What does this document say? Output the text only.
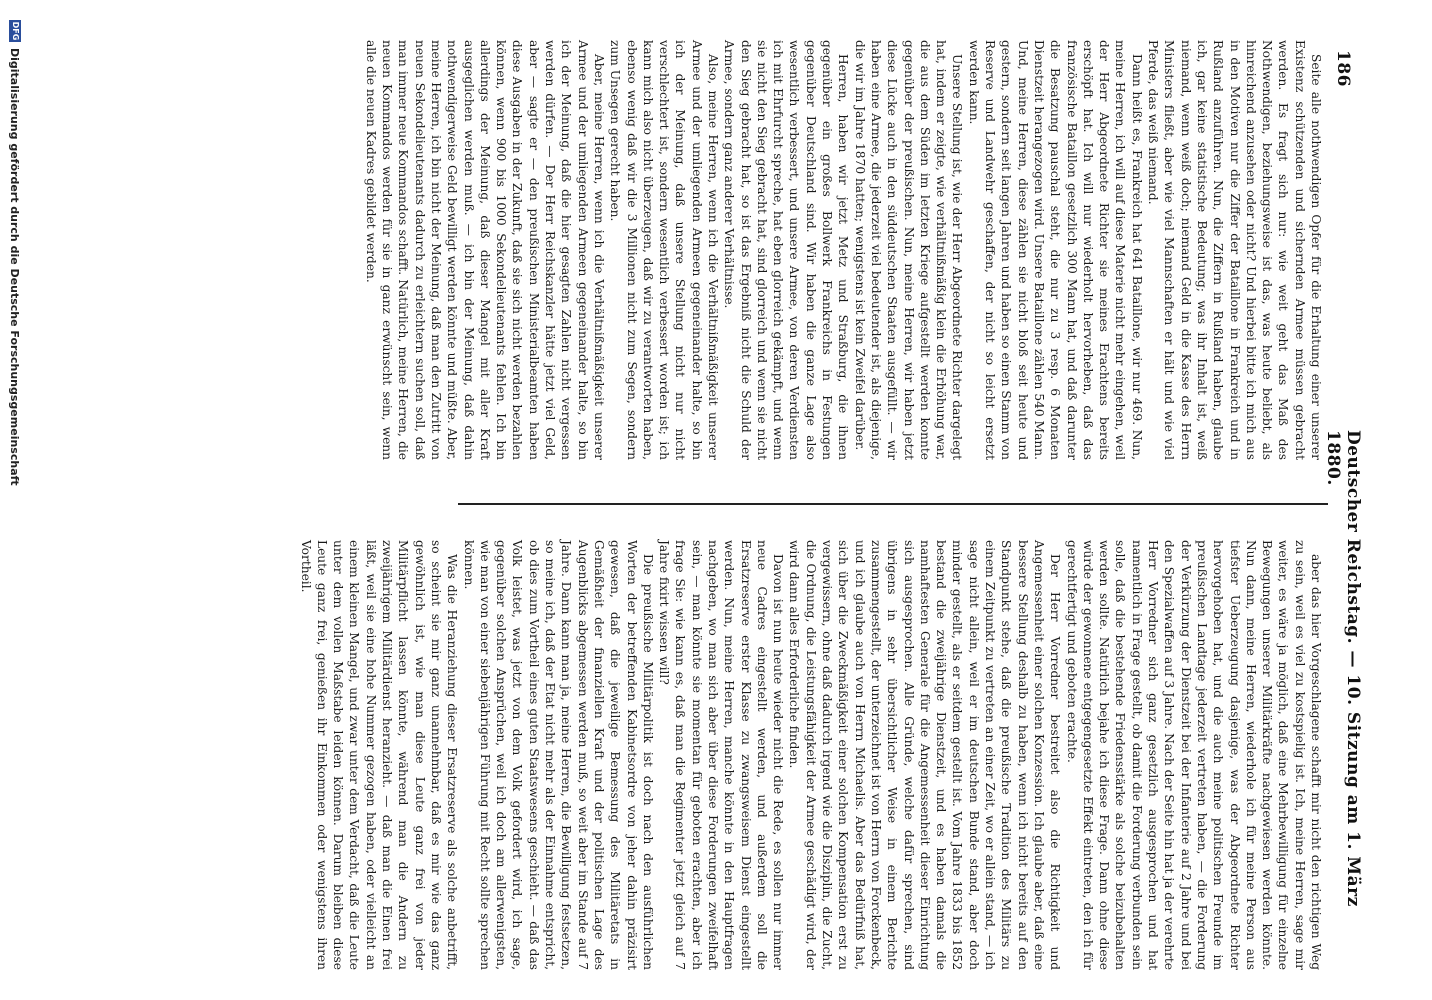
186
Deutscher Reichstag. — 10. Sitzung am 1. März 1880.

Seite alle nothwendigen Opfer für die Erhaltung einer unserer Existenz schützenden und sichernden Armee müssen gebracht werden. Es fragt sich nur: wie weit geht das Maß des Nothwendigen, beziehungsweise ist das, was heute beliebt, als hinreichend anzusehen oder nicht? Und hierbei bitte ich mich aus in den Motiven nur die Ziffer der Bataillone in Frankreich und in Rußland anzuführen. Nun, die Ziffern in Rußland haben, glaube ich, gar keine statistische Bedeutung; was ihr Inhalt ist, weiß niemand, wenn weiß doch; niemand Geld in die Kasse des Herrn Ministers fließt, aber wie viel Mannschaften er hält und wie viel Pferde, das weiß niemand.

Dann heißt es, Frankreich hat 641 Bataillone, wir nur 469. Nun, meine Herren, ich will auf diese Materie nicht mehr eingehen, weil der Herr Abgeordnete Richter sie meines Erachtens bereits erschöpft hat. Ich will nur wiederholt hervorheben, daß das französische Bataillon gesetzlich 300 Mann hat, und daß darunter die Besatzung pauschal steht, die nur zu 3 resp. 6 Monaten Dienstzeit herangezogen wird. Unsere Bataillone zählen 540 Mann. Und, meine Herren, diese zählen sie nicht bloß seit heute und gestern, sondern seit langen Jahren und haben so einen Stamm von Reserve und Landwehr geschaffen, der nicht so leicht ersetzt werden kann.

Unsere Stellung ist, wie der Herr Abgeordnete Richter dargelegt hat, indem er zeigte, wie verhältnißmäßig klein die Erhöhung war, die aus dem Süden im letzten Kriege aufgestellt werden konnte gegenüber der preußischen. Nun, meine Herren, wir haben jetzt diese Lücke auch in den süddeutschen Staaten ausgefüllt. — wir haben eine Armee, die jederzeit viel bedeutender ist, als diejenige, die wir im Jahre 1870 hatten; wenigstens ist kein Zweifel darüber.

Herren, haben wir jetzt Metz und Straßburg, die ihnen gegenüber ein großes Bollwerk Frankreichs in Festungen gegenüber Deutschland sind. Wir haben die ganze Lage also wesentlich verbessert, und unsere Armee, von deren Verdiensten ich mit Ehrfurcht spreche, hat eben glorreich gekämpft, und wenn sie nicht den Sieg gebracht hat, sind glorreich und wenn sie nicht den Sieg gebracht hat, so ist das Ergebniß nicht die Schuld der Armee, sondern ganz anderer Verhältnisse.

Also, meine Herren, wenn ich die Verhältnißmäßigkeit unserer Armee und der umliegenden Armeen gegeneinander halte, so bin ich der Meinung, daß unsere Stellung nicht nur nicht verschlechtert ist, sondern wesentlich verbessert worden ist; ich kann mich also nicht überzeugen, daß wir zu verantworten haben, ebenso wenig daß wir die 3 Millionen nicht zum Segen, sondern zum Unsegen gerecht haben.

Aber, meine Herren, wenn ich die Verhältnißmäßigkeit unserer Armee und der umliegenden Armeen gegeneinander halte, so bin ich der Meinung, daß die hier gesagten Zahlen nicht vergessen werden dürfen. — Der Herr Reichskanzler hätte jetzt viel Geld, aber — sagte er — den preußischen Ministerialbeamten haben diese Ausgaben in der Zukunft, daß sie sich nicht werden bezahlen können, wenn 900 bis 1000 Sekondelieutenants fehlen. Ich bin allerdings der Meinung, daß dieser Mangel mit aller Kraft ausgeglichen werden muß. — ich bin der Meinung, daß dahin nothwendigerweise Geld bewilligt werden könnte und müßte. Aber, meine Herren, ich bin nicht der Meinung, daß man den Zutritt von neuen Sekondelieutenants dadurch zu erleichtern suchen soll, daß man immer neue Kommandos schafft. Natürlich, meine Herren, die neuen Kommandos werden für sie in ganz erwünscht sein, wenn alle die neuen Kadres gebildet werden.

aber das hier Vorgeschlagene schafft mir nicht den richtigen Weg zu sein, weil es viel zu kostspielig ist. Ich, meine Herren, sage mir weiter, es wäre ja möglich, daß eine Mehrbewilligung für einzelne Bewegungen unserer Militärkräfte nachgewiesen werden könnte. Nun dann, meine Herren, wiederhole ich für meine Person aus tiefster Ueberzeugung dasjenige, was der Abgeordnete Richter hervorgehoben hat, und die auch meine politischen Freunde im preußischen Landtage jederzeit vertreten haben, — die Forderung der Verkürzung der Dienstzeit bei der Infanterie auf 2 Jahre und bei den Spezialwaffen auf 3 Jahre. Nach der Seite hin hat ja der verehrte Herr Vorredner sich ganz gesetzlich ausgesprochen und hat namentlich in Frage gestellt, ob damit die Forderung verbunden sein solle, daß die bestehende Friedensstärke als solche beizubehalten werden sollte. Natürlich bejahe ich diese Frage. Dann ohne diese würde der gewonnene entgegengesetzte Effekt eintreten, den ich für gerechtfertigt und geboten erachte.

Der Herr Vorredner bestreitet also die Richtigkeit und Angemessenheit einer solchen Konzession. Ich glaube aber, daß eine bessere Stellung deshalb zu haben, wenn ich nicht bereits auf den Standpunkt stehe, daß die preußische Tradition des Militärs zu einem Zeitpunkt zu vertreten an einer Zeit, wo er allein stand, — ich sage nicht allein, weil er im deutschen Bunde stand, aber doch minder gestellt, als er seitdem gestellt ist. Vom Jahre 1833 bis 1852 bestand die zweijährige Dienstzeit, und es haben damals die namhaftesten Generale für die Angemessenheit dieser Einrichtung sich ausgesprochen. Alle Gründe, welche dafür sprechen, sind übrigens in sehr übersichtlicher Weise in einem Berichte zusammengestellt, der unterzeichnet ist von Herrn von Forckenbeck, und ich glaube auch von Herrn Michaelis. Aber das Bedürfniß hat, sich über die Zweckmäßigkeit einer solchen Kompensation erst zu vergewissern, ohne daß dadurch irgend wie die Disziplin, die Zucht, die Ordnung, die Leistungsfähigkeit der Armee geschädigt wird, der wird dann alles Erforderliche finden.

Davon ist nun heute wieder nicht die Rede, es sollen nur immer neue Cadres eingestellt werden, und außerdem soll die Ersatzreserve erster Klasse zu zwangsweisem Dienst eingestellt werden. Nun, meine Herren, manche könnte in den Hauptfragen nachgeben, wo man sich aber über diese Forderungen zweifelhaft sein, — man könnte sie momentan für geboten erachten, aber ich frage Sie: wie kann es, daß man die Regimenter jetzt gleich auf 7 Jahre fixirt wissen will?

Die preußische Militärpolitik ist doch nach den ausführlichen Worten der betreffenden Kabinetsordre von jeher dahin präzisirt gewesen, daß die jeweilige Bemessung des Militäretats in Gemäßheit der finanziellen Kraft und der politischen Lage des Augenblicks abgemessen werden muß, so weit aber im Stande auf 7 Jahre. Dann kann man ja, meine Herren, die Bewilligung festsetzen, so meine ich, daß der Etat nicht mehr als der Einnahme entspricht, ob dies zum Vortheil eines guten Staatswesens geschieht. — daß das Volk leistet, was jetzt von dem Volk gefordert wird, ich sage, gegenüber solchen Ansprüchen, weil ich doch am allerwenigsten, wie man von einer siebenjährigen Führung mit Recht sollte sprechen können.

Was die Heranziehung dieser Ersatzreserve als solche anbetrifft, so scheint sie mir ganz unannehmbar, daß es mir wie das ganz gewöhnlich ist, wie man diese Leute ganz frei von jeder Militärpflicht lassen könnte, während man die Andern zu zweijährigem Militärdienst heranzieht. — daß man die Einen frei läßt, weil sie eine hohe Nummer gezogen haben, oder vielleicht an einem kleinen Mangel, und zwar unter dem Verdacht, daß die Leute unter dem vollen Maßstabe leiden können. Darum bleiben diese Leute ganz frei, genießen ihr Einkommen oder wenigstens ihren Vortheil.

DFG
Digitalisierung gefördert durch die Deutsche Forschungsgemeinschaft
